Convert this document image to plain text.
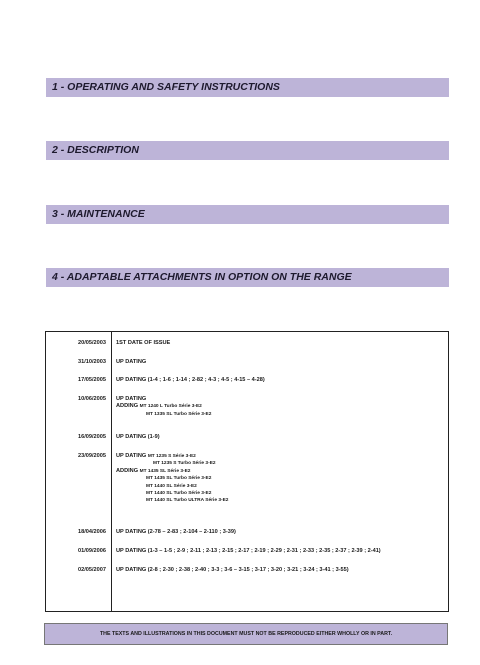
1 - OPERATING AND SAFETY INSTRUCTIONS
2 - DESCRIPTION
3 - MAINTENANCE
4 - ADAPTABLE ATTACHMENTS IN OPTION ON THE RANGE
20/05/2003 1ST DATE OF ISSUE
31/10/2003 UP DATING
17/05/2005 UP DATING (1-4 ; 1-6 ; 1-14 ; 2-82 ; 4-3 ; 4-5 ; 4-15 – 4-28)
10/06/2005 UP DATING
ADDING MT 1240 L Turbo Série 3-E2
MT 1335 SL Turbo Série 3-E2
16/09/2005 UP DATING (1-9)
23/09/2005 UP DATING MT 1235 S Série 3-E2
MT 1235 S Turbo Série 3-E2
ADDING MT 1435 SL Série 3-E2
MT 1435 SL Turbo Série 3-E2
MT 1440 SL Série 3-E2
MT 1440 SL Turbo Série 3-E2
MT 1440 SL Turbo ULTRA Série 3-E2
18/04/2006 UP DATING (2-78 – 2-83 ; 2-104 – 2-110 ; 3-39)
01/09/2006 UP DATING (1-3 – 1-5 ; 2-9 ; 2-11 ; 2-13 ; 2-15 ; 2-17 ; 2-19 ; 2-29 ; 2-31 ; 2-33 ; 2-35 ; 2-37 ; 2-39 ; 2-41)
02/05/2007 UP DATING (2-8 ; 2-30 ; 2-38 ; 2-40 ; 3-3 ; 3-6 – 3-15 ; 3-17 ; 3-20 ; 3-21 ; 3-24 ; 3-41 ; 3-55)
THE TEXTS AND ILLUSTRATIONS IN THIS DOCUMENT MUST NOT BE REPRODUCED EITHER WHOLLY OR IN PART.
